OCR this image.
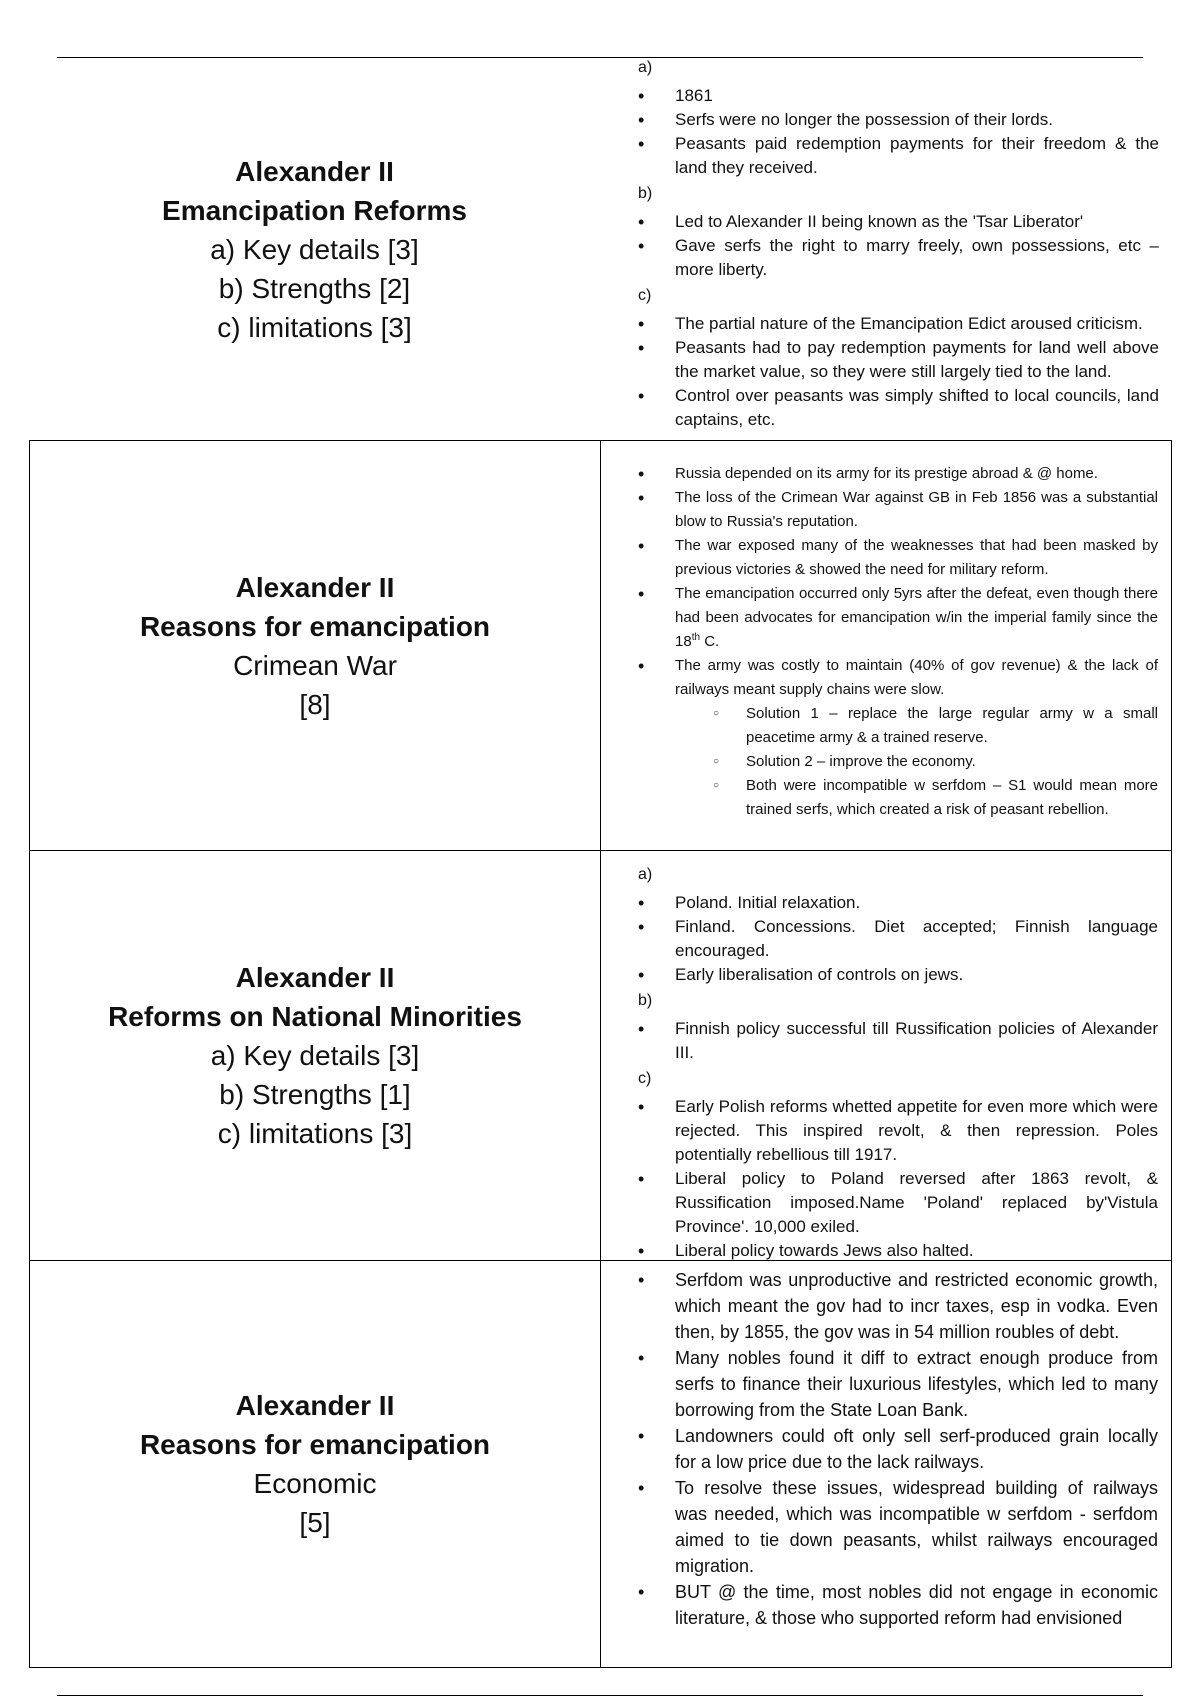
Alexander II
Emancipation Reforms
a) Key details [3]
b) Strengths [2]
c) limitations [3]
a)
• 1861
• Serfs were no longer the possession of their lords.
• Peasants paid redemption payments for their freedom & the land they received.
b)
• Led to Alexander II being known as the 'Tsar Liberator'
• Gave serfs the right to marry freely, own possessions, etc – more liberty.
c)
• The partial nature of the Emancipation Edict aroused criticism.
• Peasants had to pay redemption payments for land well above the market value, so they were still largely tied to the land.
• Control over peasants was simply shifted to local councils, land captains, etc.
Alexander II
Reasons for emancipation
Crimean War
[8]
• Russia depended on its army for its prestige abroad & @ home.
• The loss of the Crimean War against GB in Feb 1856 was a substantial blow to Russia's reputation.
• The war exposed many of the weaknesses that had been masked by previous victories & showed the need for military reform.
• The emancipation occurred only 5yrs after the defeat, even though there had been advocates for emancipation w/in the imperial family since the 18th C.
• The army was costly to maintain (40% of gov revenue) & the lack of railways meant supply chains were slow.
○ Solution 1 – replace the large regular army w a small peacetime army & a trained reserve.
○ Solution 2 – improve the economy.
○ Both were incompatible w serfdom – S1 would mean more trained serfs, which created a risk of peasant rebellion.
Alexander II
Reforms on National Minorities
a) Key details [3]
b) Strengths [1]
c) limitations [3]
a)
• Poland. Initial relaxation.
• Finland. Concessions. Diet accepted; Finnish language encouraged.
• Early liberalisation of controls on jews.
b)
• Finnish policy successful till Russification policies of Alexander III.
c)
• Early Polish reforms whetted appetite for even more which were rejected. This inspired revolt, & then repression. Poles potentially rebellious till 1917.
• Liberal policy to Poland reversed after 1863 revolt, & Russification imposed.Name 'Poland' replaced by'Vistula Province'. 10,000 exiled.
• Liberal policy towards Jews also halted.
Alexander II
Reasons for emancipation
Economic
[5]
• Serfdom was unproductive and restricted economic growth, which meant the gov had to incr taxes, esp in vodka. Even then, by 1855, the gov was in 54 million roubles of debt.
• Many nobles found it diff to extract enough produce from serfs to finance their luxurious lifestyles, which led to many borrowing from the State Loan Bank.
• Landowners could oft only sell serf-produced grain locally for a low price due to the lack railways.
• To resolve these issues, widespread building of railways was needed, which was incompatible w serfdom - serfdom aimed to tie down peasants, whilst railways encouraged migration.
• BUT @ the time, most nobles did not engage in economic literature, & those who supported reform had envisioned
